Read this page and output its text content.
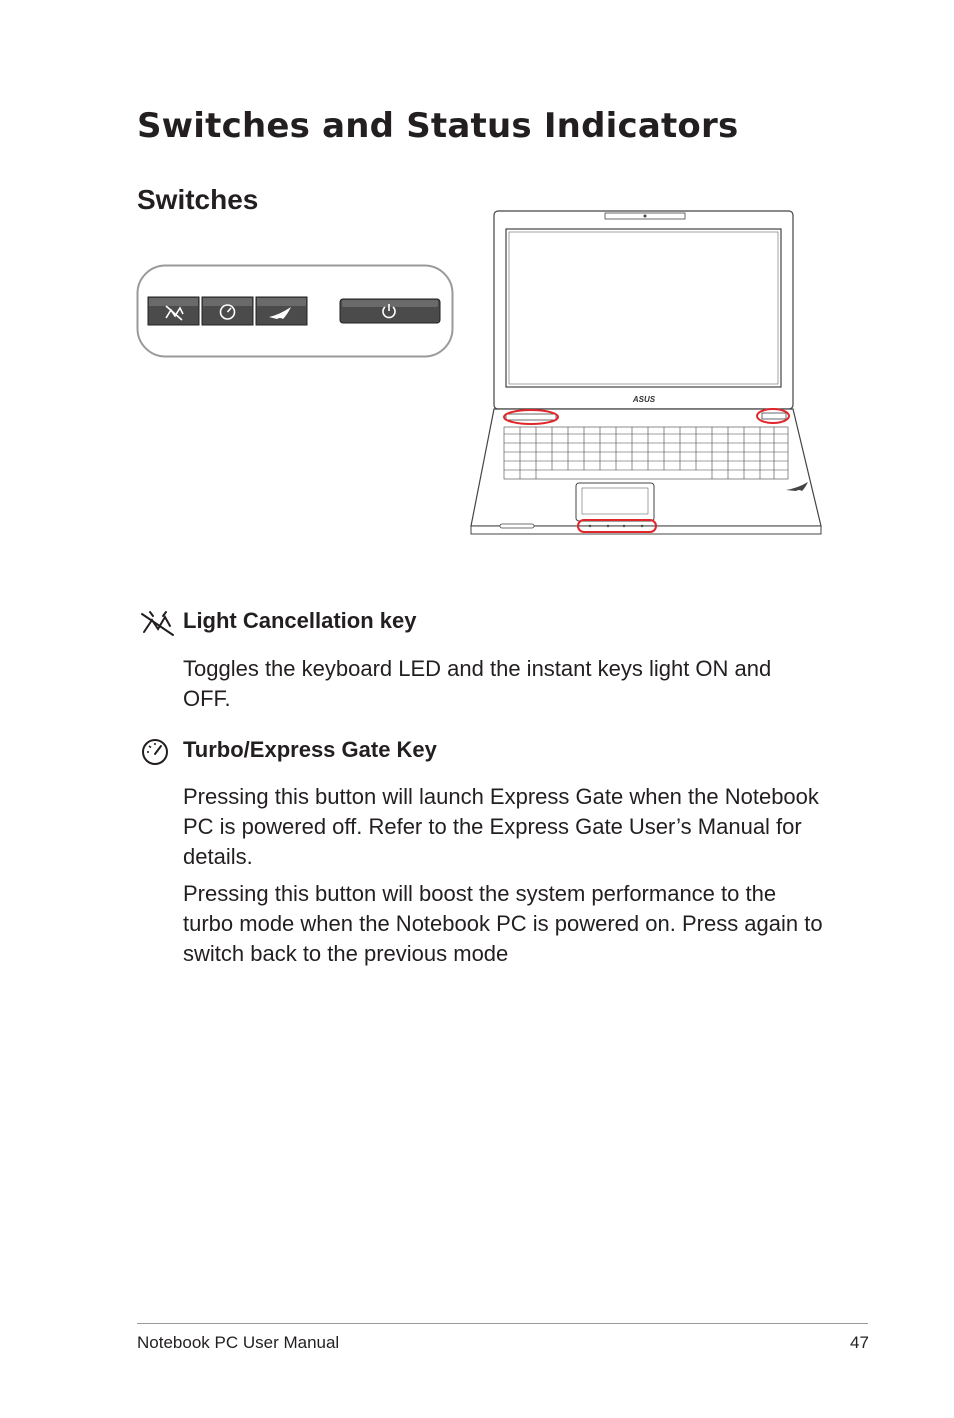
Switches and Status Indicators
Switches
ASUS
Light Cancellation key

Toggles the keyboard LED and the instant keys light ON and OFF.

Turbo/Express Gate Key

Pressing this button will launch Express Gate when the Notebook PC is powered off. Refer to the Express Gate User’s Manual for details.

Pressing this button will boost the system performance to the turbo mode when the Notebook PC is powered on. Press again to switch back to the previous mode

Notebook PC User Manual	47
